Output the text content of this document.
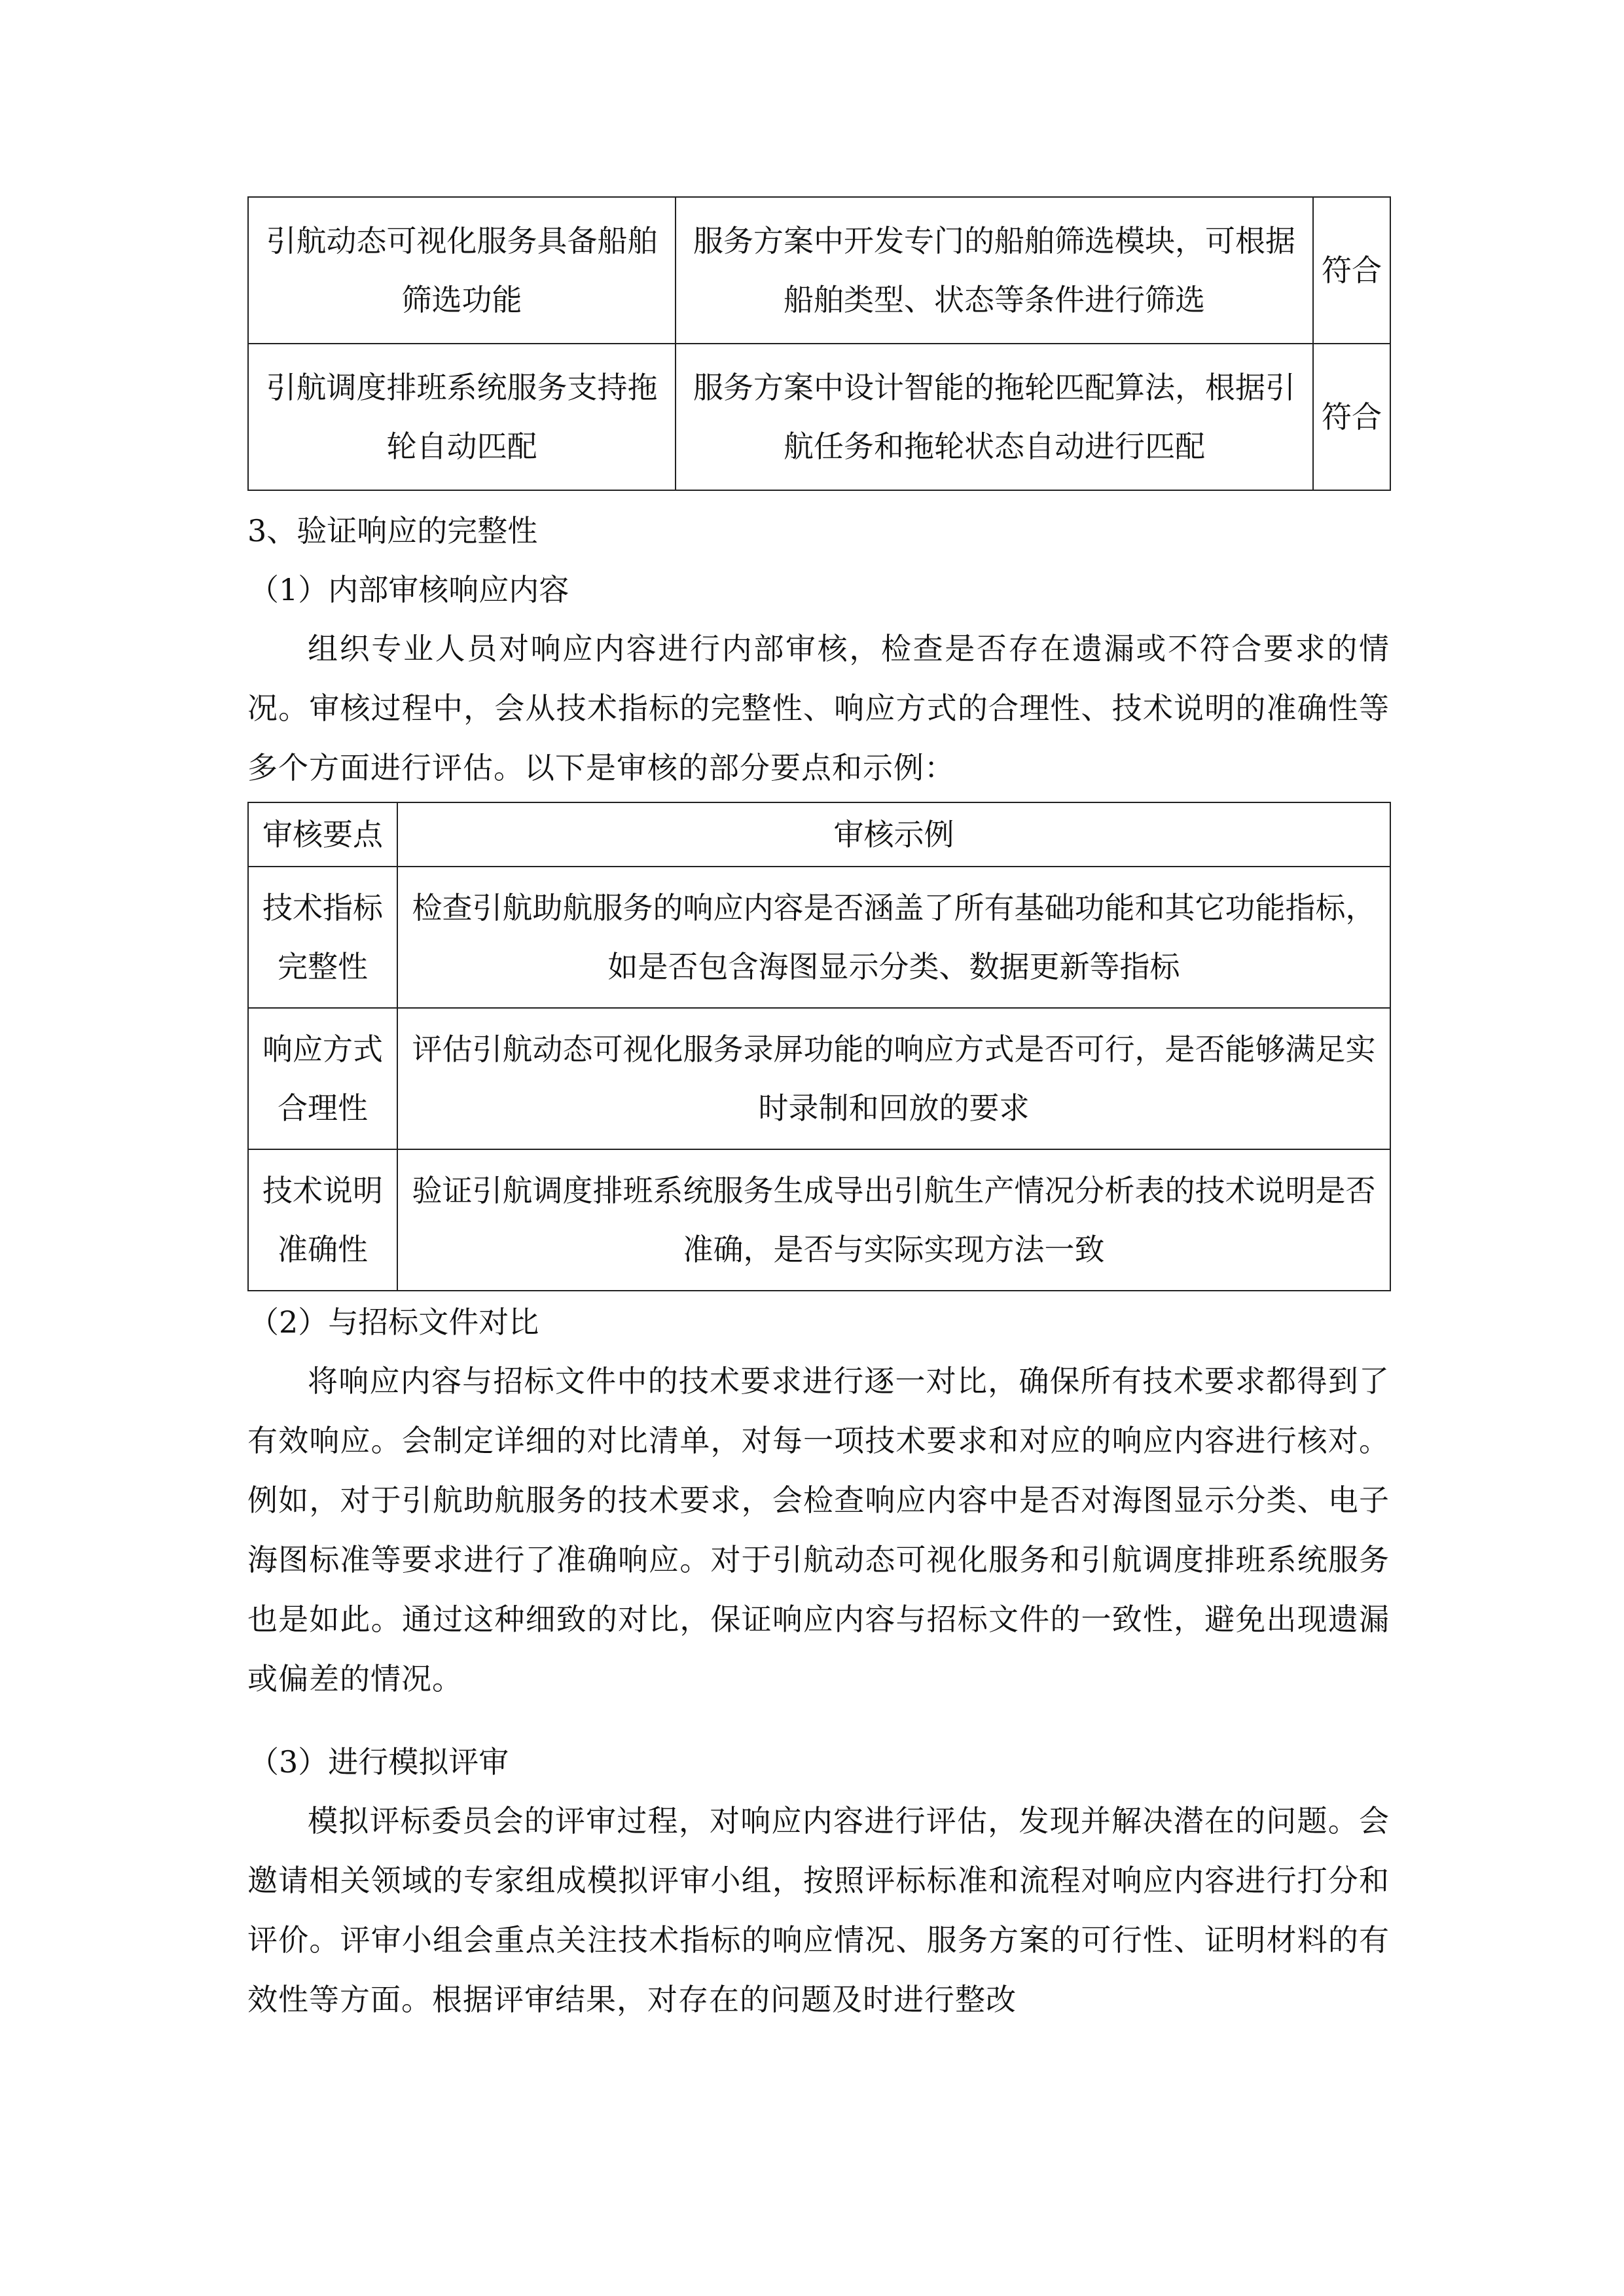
引航动态可视化服务具备船舶筛选功能	服务方案中开发专门的船舶筛选模块，可根据船舶类型、状态等条件进行筛选	符合
引航调度排班系统服务支持拖轮自动匹配	服务方案中设计智能的拖轮匹配算法，根据引航任务和拖轮状态自动进行匹配	符合

3、验证响应的完整性

（1）内部审核响应内容

组织专业人员对响应内容进行内部审核，检查是否存在遗漏或不符合要求的情况。审核过程中，会从技术指标的完整性、响应方式的合理性、技术说明的准确性等多个方面进行评估。以下是审核的部分要点和示例：

审核要点	审核示例
技术指标完整性	检查引航助航服务的响应内容是否涵盖了所有基础功能和其它功能指标，如是否包含海图显示分类、数据更新等指标
响应方式合理性	评估引航动态可视化服务录屏功能的响应方式是否可行，是否能够满足实时录制和回放的要求
技术说明准确性	验证引航调度排班系统服务生成导出引航生产情况分析表的技术说明是否准确，是否与实际实现方法一致

（2）与招标文件对比

将响应内容与招标文件中的技术要求进行逐一对比，确保所有技术要求都得到了有效响应。会制定详细的对比清单，对每一项技术要求和对应的响应内容进行核对。例如，对于引航助航服务的技术要求，会检查响应内容中是否对海图显示分类、电子海图标准等要求进行了准确响应。对于引航动态可视化服务和引航调度排班系统服务也是如此。通过这种细致的对比，保证响应内容与招标文件的一致性，避免出现遗漏或偏差的情况。

（3）进行模拟评审

模拟评标委员会的评审过程，对响应内容进行评估，发现并解决潜在的问题。会邀请相关领域的专家组成模拟评审小组，按照评标标准和流程对响应内容进行打分和评价。评审小组会重点关注技术指标的响应情况、服务方案的可行性、证明材料的有效性等方面。根据评审结果，对存在的问题及时进行整改
